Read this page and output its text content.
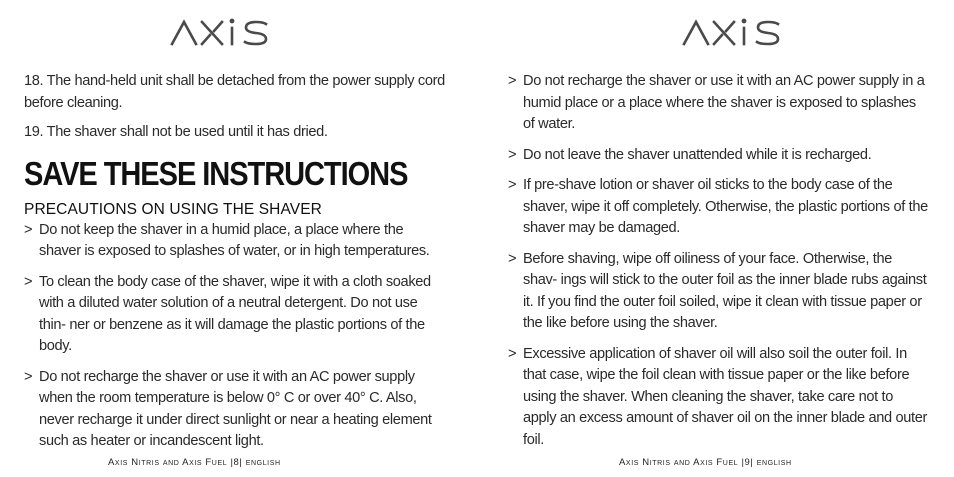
18. The hand-held unit shall be detached from the power supply cord before cleaning.

19. The shaver shall not be used until it has dried.

SAVE THESE INSTRUCTIONS
PRECAUTIONS ON USING THE SHAVER
> Do not keep the shaver in a humid place, a place where the shaver is exposed to splashes of water, or in high temperatures.
> To clean the body case of the shaver, wipe it with a cloth soaked with a diluted water solution of a neutral detergent. Do not use thin- ner or benzene as it will damage the plastic portions of the body.
> Do not recharge the shaver or use it with an AC power supply when the room temperature is below 0° C or over 40° C. Also, never recharge it under direct sunlight or near a heating element such as heater or incandescent light.
Axis Nitris and Axis Fuel |8| english
> Do not recharge the shaver or use it with an AC power supply in a humid place or a place where the shaver is exposed to splashes of water.
> Do not leave the shaver unattended while it is recharged.
> If pre-shave lotion or shaver oil sticks to the body case of the shaver, wipe it off completely. Otherwise, the plastic portions of the shaver may be damaged.
> Before shaving, wipe off oiliness of your face. Otherwise, the shav- ings will stick to the outer foil as the inner blade rubs against it. If you find the outer foil soiled, wipe it clean with tissue paper or the like before using the shaver.
> Excessive application of shaver oil will also soil the outer foil. In that case, wipe the foil clean with tissue paper or the like before using the shaver. When cleaning the shaver, take care not to apply an excess amount of shaver oil on the inner blade and outer foil.
Axis Nitris and Axis Fuel |9| english
